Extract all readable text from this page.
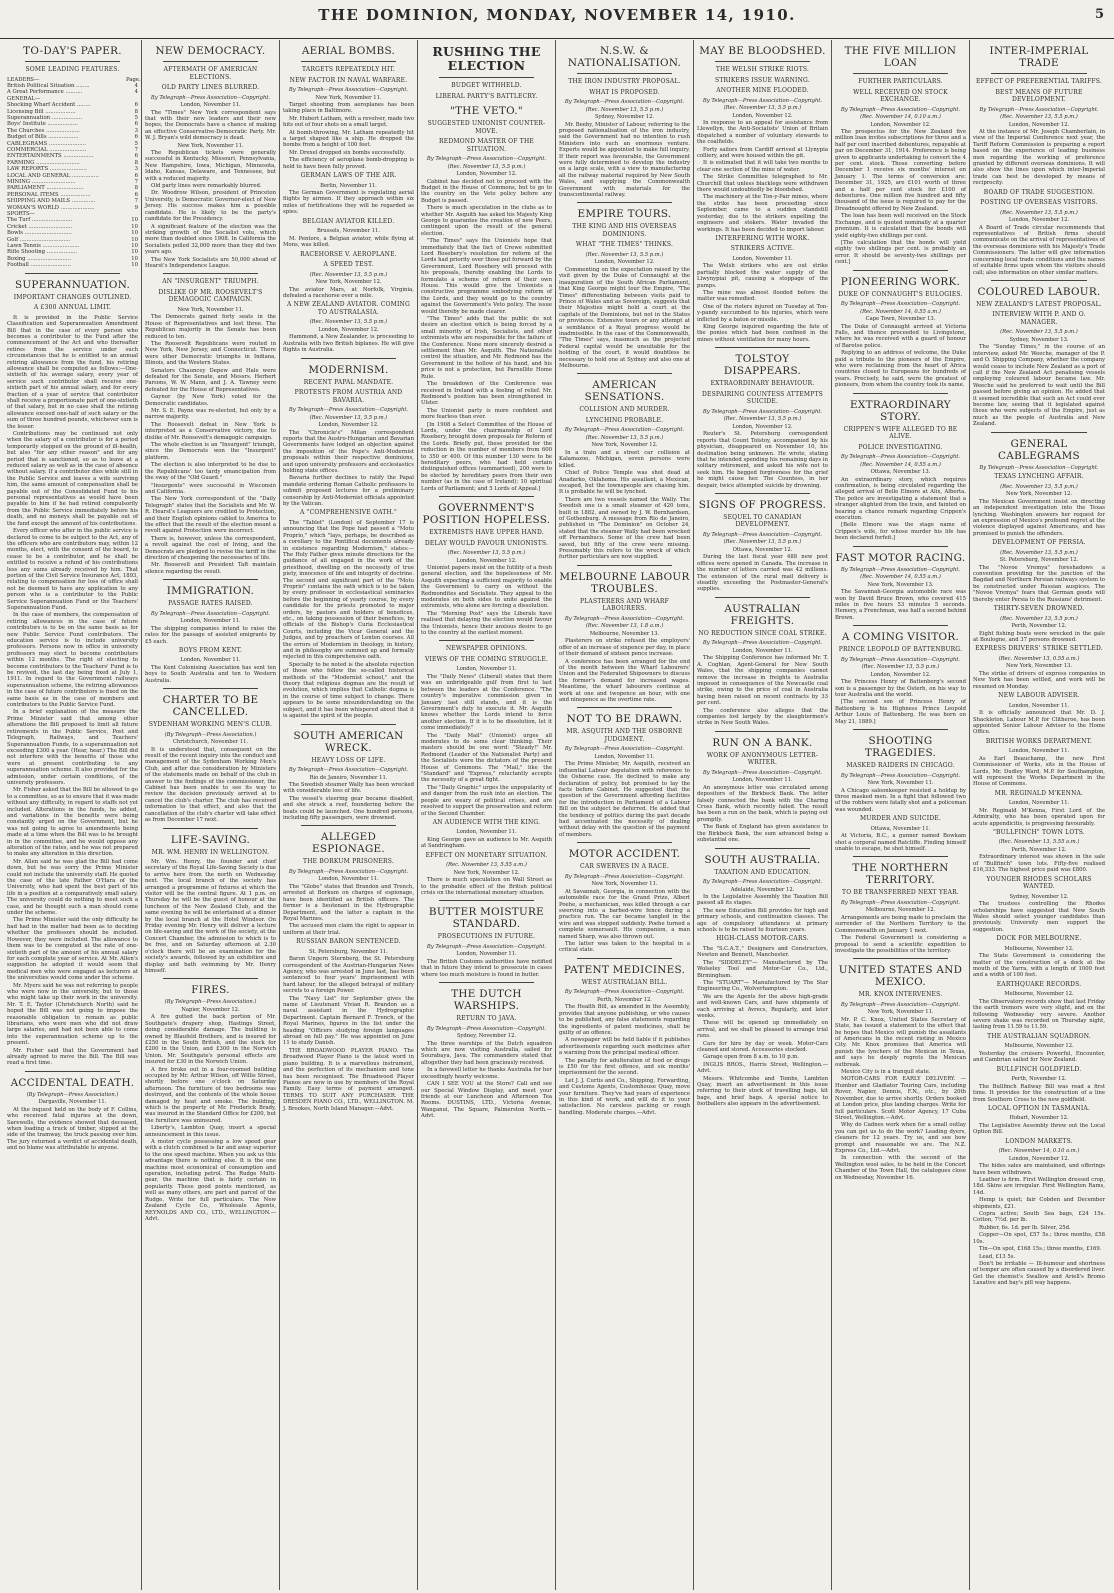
THE DOMINION, MONDAY, NOVEMBER 14, 1910.	5
TO-DAY'S PAPER.
SOME LEADING FEATURES.
LEADERS—	Page.
British Political Situation ........	4
A Great Performance ..........	4
GENERAL—
Shocking Wharf Accident ........	6
Licensing Bill ..................	8
Superannuation ..................	5
Boys' Institute ..................	6
The Churches ....................	3
Budget of Bills ..................	6
CABLEGRAMS ......................	5
COMMERCIAL ......................	7
ENTERTAINMENTS ..................	6
FARMING ..........................	8
LAW REPORTS ......................	3
LOCAL AND GENERAL ................	6
MINING ..........................	7
PARLIAMENT ......................	8
PERSONAL ITEMS ..................	6
SHIPPING AND MAILS ..............	7
WOMAN'S WORLD ....................	9
SPORTS—
The Turf ........................	10
Cricket ..........................	10
Bowls ............................	10
Golf ..............................	10
Lawn Tennis ......................	10
Rifle Shooting ..................	10
Boxing ..........................	10
Football ........................	10
SUPERANNUATION.
IMPORTANT CHANGES OUTLINED.
A £300 ANNUAL LIMIT.
It is provided in the Public Service Classification and Superannuation Amendment Bill that in the case of every person who becomes a contributor to the Fund after the commencement of the Act and who thereafter retires from the service under such circumstances that he is entitled to an annual retiring allowance from the fund, his retiring allowance shall be computed as follows:—One-sixtieth of his average salary, every year of service such contributor shall receive one-sixtieth part of his annual salary, and for every fraction of a year of service that contributor shall receive a proportionate part of one-sixtieth of that salary, but in no case shall the retiring allowance exceed one-half of such salary or the sum of three hundred pounds, whichever sum is the lesser.
Contributions may be continued not only when the salary of a contributor is for a period temporarily stopped on the ground of ill-health, but also "for any other reason" and for any period that is sanctioned, so as to leave at a reduced salary as well as in the case of absence without salary. If a contributor dies while still in the Public Service and leaves a wife surviving him, the same amount of compensation shall be payable out of the Consolidated Fund to his personal representatives as would have been payable to him if he had retired compulsorily from the Public Service immediately before his death, and no moneys shall be payable out of the fund except the amount of his contributions.
Every officer who after in the public service is declared to come to be subject to the Act, any of the officers who are contributors may, within 12 months, elect, with the consent of the board, to cease to be a contributor, and he shall be entitled to receive a refund of his contributions less any sums already received by him. That portion of the Civil Service Insurance Act, 1893, relating to compensation for loss of office shall not be deemed to have any application to any person who is a contributor to the Public Service Superannuation Fund or the Teachers' Superannuation Fund.
In the case of members, the compensation of retiring allowances in the case of future contributors is to be on the same basis as for new Public Service Fund contributors. The education service is to include university professors. Persons now in office in university professors may elect to become contributors within 12 months. The right of electing to become contributors to the Teachers' Fund is to be revived, the last day being fixed at July 1, 1911. In regard to the Government railways superannuation scheme, the retiring allowances in the case of future contributors is fixed on the same basis as in the case of members and contributors to the Public Service Fund.
In a brief explanation of the measure the Prime Minister said that among other alterations the Bill proposed to limit all future retirements in the Public Service, Post and Telegraph, Railways, and Teachers' Superannuation Funds, to a superannuation not exceeding £300 a year. (Hear, hear.) The Bill did not interfere with the benefits of those who were at present contributing to any superannuation scheme. It also provided for the admission, under certain conditions, of the university professors.
Mr. Fisher asked that the Bill be allowed to go to a committee, so as to ensure that it was made without any difficulty, in regard to staffs not yet included. Alterations in the funds, he added, and variations in the benefits were being constantly urged on the Government, but he was not going to agree to amendments being made at a time when the Bill was to be brought in in the committee, and he would oppose any alteration of the rates, and he was not prepared to make any alteration in this direction.
Mr. Allen said he was glad the Bill had come down, but he was sorry the Prime Minister could not include the university staff. He quoted the case of the late Father O'Hara of the University, who had spent the best part of his life in a position at a comparatively small salary. The university could do nothing to meet such a case, and he thought such a man should come under the scheme.
The Prime Minister said the only difficulty he had had in the matter had been as to deciding whether the professors should be included. However, they were included. The allowance to them was to be computed at the rate of one-sixtieth part of the amount of his annual salary for each complete year of service. At Mr. Allen's suggestion he adopted it would seem that medical men who were engaged as lecturers at the universities would come under the scheme.
Mr. Myers said he was not referring to people who were now in the university, but to those who might take up their work in the university. Mr. T. E. Taylor (Christchurch North) said he hoped the Bill was not going to impose the reasonable obligation to remain as public librarians, who were men who did not draw large salaries, and had not been able to come into the superannuation scheme up to the present.
Mr. Fisher said that the Government had already agreed to move the Bill. The Bill was read a first time.
ACCIDENTAL DEATH.
(By Telegraph—Press Association.)
Dargaville, November 11.
At the inquest held on the body of F. Collins, who received fatal injuries at the down, Sarewells, the evidence showed that deceased, when loading a truck of timber, slipped at the side of the tramway, the truck passing over him. The jury returned a verdict of accidental death, and no blame was attributable to anyone.
NEW DEMOCRACY.
AFTERMATH OF AMERICAN ELECTIONS.
OLD PARTY LINES BLURRED.
By Telegraph—Press Association—Copyright.
London, November 11.
The "Times" New York correspondent says that with their new leaders and their new hopes, the Democrats have a chance of making an effective Conservative-Democratic Party. Mr. W. J. Bryan's wild democracy is dead.
New York, November 11.
The Republican tickets were generally successful in Kentucky, Missouri, Pennsylvania, New Hampshire, Iowa, Michigan, Minnesota, Idaho, Kansas, Delaware, and Tennessee, but with a reduced majority.
Old party lines were remarkably blurred.
Dr. Woodrow Wilson, president of Princeton University, is Democratic Governor-elect of New Jersey. His success makes him a possible candidate. He is likely to be the party's candidate for the Presidency.
A significant feature of the election was the striking growth of the Socialist vote, which more than doubled since 1908. In California the Socialists polled 32,000 more than they did two years ago.
The New York Socialists are 50,000 ahead of Hearst's Independence League.
AN "INSURGENT" TRIUMPH.
DISLIKE OF MR. ROOSEVELT'S DEMAGOGIC CAMPAIGN.
New York, November 11.
The Democrats gained forty seats in the House of Representatives and lost three. The Republican majority in the Senate has been reduced to ten.
The Roosevelt Republicans were routed in New York, New Jersey, and Connecticut. There were other Democratic triumphs in Indiana, Illinois, and the Western States.
Senators Chauncey Depew and Hale were defeated for the Senate, and Messrs. Herbert Parsons, W. W. Mann, and J. A. Tawney were defeated for the House of Representatives.
Gaynor (by New York) voted for the Democratic candidates.
Mr. S. E. Payne was re-elected, but only by a narrow majority.
The Roosevelt defeat in New York is interpreted as a Conservative victory, due to dislike of Mr. Roosevelt's demagogic campaign.
The whole election is an "Insurgent" triumph, since the Democrats won the "Insurgent" platform.
The election is also interpreted to be due to the Republicans' too tardy emancipation from the sway of the "Old Guard."
"Insurgents" were successful in Wisconsin and California.
The New York correspondent of the "Daily Telegraph" states that the Socialists and Mr. W. R. Hearst's Leaguers are credited to Protection, and their English opinions cabled to America to the effect that the result of the election meant a revolt against Protection were incorrect.
There is, however, unless the correspondent, a revolt against the cost of living, and the Democrats are pledged to revise the tariff in the direction of cheapening the necessaries of life.
Mr. Roosevelt and President Taft maintain silence regarding the result.
IMMIGRATION.
PASSAGE RATES RAISED.
By Telegraph—Press Association—Copyright.
London, November 11.
The shipping companies intend to raise the rates for the passage of assisted emigrants by £5 each.
BOYS FROM KENT.
London, November 11.
The Kent Colonising Association has sent ten boys to South Australia and ten to Western Australia.
CHARTER TO BE CANCELLED.
SYDENHAM WORKING MEN'S CLUB.
(By Telegraph—Press Association.)
Christchurch, November 11.
It is understood that, consequent on the result of the recent inquiry into the conduct and management of the Sydenham Working Men's Club, and after due consideration by Ministers of the statements made on behalf of the club in answer to the findings of the commissioner, the Cabinet has been unable to see its way to review the decision previously arrived at to cancel the club's charter. The club has received information to that effect, and also that the cancellation of the club's charter will take effect as from December 17 next.
LIFE-SAVING.
MR. WM. HENRY IN WELLINGTON.
Mr. Wm. Henry, the founder and chief secretary of the Royal Life-Saving Society is due to arrive here from the north on Wednesday next. The local branch of the society has arranged a programme of fixtures at which the visitor will be the central figure. At 1 p.m. on Thursday he will be the guest of honour at the luncheon of the New Zealand Club, and the same evening he will be entertained at a dinner by the local branch at the Hotel Windsor. On Friday evening Mr. Henry will deliver a lecture on life-saving and the work of the society, at the Concert Chamber, the admission to which is to be free, and on Saturday afternoon at 2.30 o'clock there will be an examination for the society's awards, followed by an exhibition and display and bath swimming by Mr. Henry himself.
FIRES.
(By Telegraph—Press Association.)
Napier, November 12.
A fire gutted the back portion of Mr. Southgate's drapery shop, Hastings Street, doing considerable damage. The building is owned by Blaufeld Brothers, and is insured for £250 in the South British, and the stock for £200 in the Union, and £300 in the Norwich Union. Mr. Southgate's personal effects are insured for £30 in the Norwich Union.
A fire broke out in a four-roomed building occupied by Mr. Arthur Wilson, off Willis Street, shortly before one o'clock on Saturday afternoon. The furniture of two bedrooms was destroyed, and the contents of the whole house damaged by heat and smoke. The building, which is the property of Mr. Frederick Brady, was insured in the Standard Office for £200, but the furniture was uninsured.
Liberty's, Lambton Quay, insert a special announcement in this issue.
A motor cycle possessing a low speed gear with a clutch combined is far and away superior to the one speed machine. When you ask us this advantage there is nothing else. It is the one machine most economical of consumption and operation, including petrol. The Rudge Multi-gear, the machine that is fairly certain in popularity. These good points mentioned, as well as many others, are part and parcel of the Rudge. Write for full particulars. The New Zealand Cycle Co., Wholesale Agents, REYNOLDS AND CO., LTD., WELLINGTON.—Advt.
AERIAL BOMBS.
TARGETS REPEATEDLY HIT.
NEW FACTOR IN NAVAL WARFARE.
By Telegraph—Press Association—Copyright.
New York, November 11.
Target shooting from aeroplanes has been taking place in Baltimore.
Mr. Hubert Latham, with a revolver, made two hits out of four shots on a small target.
At bomb-throwing, Mr. Latham repeatedly hit a target shaped like a ship. He dropped the bombs from a height of 100 feet.
Mr. Drexel dropped six bombs successfully.
The efficiency of aeroplane bomb-dropping is held to have been fully proved.
GERMAN LAWS OF THE AIR.
Berlin, November 11.
The German Government is regulating aerial flights by airmen. If they approach within six miles of fortifications they will be regarded as spies.
BELGIAN AVIATOR KILLED.
Brussels, November 11.
M. Pentore, a Belgian aviator, while flying at Mons, was killed.
RACEHORSE V. AEROPLANE.
A SPEED TEST.
(Rec. November 13, 5.5 p.m.)
New York, November 12.
The aviator Mars, at Norfolk, Virginia, defeated a racehorse over a mile.
A NEW ZEALAND AVIATOR. COMING TO AUSTRALASIA.
(Rec. November 13, 5.5 p.m.)
London, November 12.
Hammond, a New Zealander, is proceeding to Australia with two British biplanes. He will give flights in Australia.
MODERNISM.
RECENT PAPAL MANDATE.
PROTESTS FROM AUSTRIA AND BAVARIA.
By Telegraph—Press Association—Copyright.
(Rec. November 13, 5.5 p.m.)
London, November 12.
The "Chronicle's" Milan correspondent reports that the Austro-Hungarian and Bavarian Governments have lodged an objection against the imposition of the Pope's Anti-Modernist proposals within their respective dominions, and upon university professors and ecclesiastics holding state offices.
Bavaria further declines to ratify the Papal mandate ordering Roman Catholic professors to submit proposed lectures for a preliminary censorship by Anti-Modernist officials appointed by the Vatican.
A "COMPREHENSIVE OATH."
The "Tablet" (London) of September 17 is announcing that the Pope had passed a "Motu Proprio," which "lays, perhaps, be described as a corollary to the Pontifical documents already in existence regarding Modernism," states:—The Holy Father gives minute directions for the guidance of all engaged in the work of the priesthood, dwelling on the necessity of true piety, innocence of life and integrity of doctrine. The second and significant part of the "Motu Proprio" contains the oath which is to be taken by every professor in ecclesiastical seminaries before the beginning of yearly course, by every candidate for the priests promoted to major orders, by pastors and holders of benefices, etc., on taking possession of their benefices, by officials of the Bishop's Curia Ecclesiastical Courts, including the Vicar General and the Judges, and by preachers of Lenten courses. All the errors of Modernism in theology, in history, and in philosophy are summed up and formally rejected in this comprehensive oath.
Specially to be noted is the absolute rejection of those who follow the so-called historical methods of the "Modernist school," and the theory that religious dogmas are the result of evolution, which implies that Catholic dogma is in the course of time subject to change. There appears to be some misunderstanding on the subject, and it has been whispered about that it is against the spirit of the people.
SOUTH AMERICAN WRECK.
HEAVY LOSS OF LIFE.
By Telegraph—Press Association—Copyright.
Rio de Janeiro, November 11.
The Swedish steamer Wally has been wrecked with considerable loss of life.
The vessel's steering gear became disabled, and she struck a reef, foundering before the boats could be launched. One hundred persons, including fifty passengers, were drowned.
ALLEGED ESPIONAGE.
THE BORKUM PRISONERS.
By Telegraph—Press Association—Copyright.
London, November 11.
The "Globe" states that Brandon and Trench, arrested at Borkum on charges of espionage, have been identified as British officers. The former is a lieutenant in the Hydrographic Department, and the latter a captain in the Royal Marines.
The accused men claim the right to appear in uniform at their trial.
RUSSIAN BARON SENTENCED.
St. Petersburg, November 11.
Baron Ungern Sternberg, the St. Petersburg correspondent of the Austrian-Hungarian News Agency, who was arrested in June last, has been sentenced to four years' imprisonment with hard labour, for the alleged betrayal of military secrets to a foreign Power.
The "Navy List" for September gives the name of Lieutenant Vivian R. Brandon as a naval assistant in the Hydrographic Department. Captain Bernard F. Trench, of the Royal Marines, figures in the list under the heading "Officers studying foreign languages abroad on full pay." He was appointed on June 11 to study Danish.
THE BROADWOOD PLAYER PIANO. The Broadwood Player Piano is the latest word in piano building. It is a marvellous instrument, and the perfection of its mechanism and tone has been recognised. The Broadwood Player Pianos are now in use by members of the Royal Family. Easy terms of payment arranged. TERMS TO SUIT ANY PURCHASER. THE DRESDEN PIANO CO., LTD., WELLINGTON. M. J. Brookes, North Island Manager.—Advt.
RUSHING THE ELECTION
BUDGET WITHHELD.
LIBERAL PARTY'S BATTLECRY.
"THE VETO."
SUGGESTED UNIONIST COUNTER-MOVE.
REDMOND MASTER OF THE SITUATION.
By Telegraph—Press Association—Copyright.
(Rec. November 13, 5.5 p.m.)
London, November 12.
Cabinet has decided not to proceed with the Budget in the House of Commons, but to go to the country on the Veto policy before any Budget is passed.
There is much speculation in the clubs as to whether Mr. Asquith has asked his Majesty King George to guarantee the creation of new Peers, contingent upon the result of the general election.
"The Times" says the Unionists hope that immediately that the fact of Crewe submitted Lord Rosebery's resolution for reform of the Lords had priority over those put forward by the Government, Lord Rosebery will proceed with his proposals, thereby enabling the Lords to formulate a scheme of reform of their own House. This would give the Unionists a constructive programme embodying reform of the Lords, and they would go to the country against the Government's Veto policy. The issue would thereby be made clearer.
"The Times" adds that the public do not desire an election which is being forced by a small minority of Irish, Socialists, and other extremists who are responsible for the failure of the Conference. None more sincerely desired a settlement than Mr. Asquith. The Nationalists control the situation, and Mr. Redmond has the Government in the hollow of his hand, and his price is not a protection, but Parnellite Home Rule.
The breakdown of the Conference was received in Ireland with a feeling of relief. Mr. Redmond's position has been strengthened in Ulster.
The Unionist party is more confident and more fearless than ever.
[In 1908 a Select Committee of the House of Lords, under the chairmanship of Lord Rosebery, brought down proposals for Reform of the Lords. Briefly put, these provided for the reduction in the number of members from 600 to 350 or 400. Of this number 130 were to be hereditary peers, who had held certain distinguished offices (summarised), 200 were to be elected by hereditary peers from their own number (as in the case of Ireland); 10 spiritual Lords of Parliament; and 5 Lords of Appeal.]
GOVERNMENT'S POSITION HOPELESS.
EXTREMISTS HAVE UPPER HAND.
DELAY WOULD FAVOUR UNIONISTS.
(Rec. November 13, 5.5 p.m.)
London, November 12.
Unionist papers insist on the futility of a fresh general election, and the hopelessness of Mr. Asquith expecting a sufficient majority to enable the Government to carry on without the Redmondites and Socialists. They appeal to the moderates on both sides to unite against the extremists, who alone are forcing a dissolution.
The "Morning Post" says the Liberals have realised that delaying the election would favour the Unionists, hence their anxious desire to go to the country at the earliest moment.
NEWSPAPER OPINIONS.
VIEWS OF THE COMING STRUGGLE.
London, November 11.
The "Daily News" (Liberal) states that there was an unbridgeable gulf from first to last between the leaders at the Conference. "The country's imperative commission given in January last still stands, and it is the Government's duty to execute it. Mr. Asquith knows whether the Lords intend to force another election. If it is to be dissolution, let it come immediately."
The "Daily Mail" (Unionist) urges all moderates to do some clear thinking. Their masters should be one word: "Steady!" Mr. Redmond (Leader of the Nationalist Party) and the Socialists were the dictators of the present House of Commons. The "Mail," like the "Standard" and "Express," reluctantly accepts the necessity of a great fight.
The "Daily Graphic" urges the unpopularity of and danger from the rush into an election. The people are weary of political crises, and are resolved to support the preservation and reform of the Second Chamber.
AN AUDIENCE WITH THE KING.
London, November 11.
King George gave an audience to Mr. Asquith at Sandringham.
EFFECT ON MONETARY SITUATION.
(Rec. November 13, 5.55 a.m.)
New York, November 12.
There is much speculation on Wall Street as to the probable effect of the British political crisis on the international monetary situation.
BUTTER MOISTURE STANDARD.
PROSECUTIONS IN FUTURE.
By Telegraph—Press Association—Copyright.
London, November 11.
The British Customs authorities have notified that in future they intend to prosecute in cases where too much moisture is found in butter.
THE DUTCH WARSHIPS.
RETURN TO JAVA.
By Telegraph—Press Association—Copyright.
Sydney, November 12.
The three warships of the Dutch squadron which are now visiting Australia, sailed for Sourabaya, Java. The commanders stated that altogether they had been graciously received.
In a farewell letter he thanks Australia for her exceedingly hearty welcome.
CAN I SEE YOU at the Store? Call and see our Special Window Display, and meet your friends at our Luncheon and Afternoon Tea Rooms. DUSTINS, LTD., Victoria Avenue, Wanganui, The Square, Palmerston North.—Advt.
N.S.W. & NATIONALISATION.
THE IRON INDUSTRY PROPOSAL.
WHAT IS PROPOSED.
By Telegraph—Press Association—Copyright.
(Rec. November 13, 5.5 p.m.)
Sydney, November 12.
Mr. Beeby, Minister of Labour, referring to the proposed nationalisation of the iron industry, said the Government had no intention to rush Ministers into such an enormous venture. Experts would be appointed to make full inquiry. If their report was favourable, the Government were fully determined to develop the industry on a large scale, with a view to manufacturing all the railway material required by New South Wales, and supplying the Commonwealth Government with materials for the transcontinental railway.
EMPIRE TOURS.
THE KING AND HIS OVERSEAS DOMINIONS.
WHAT "THE TIMES" THINKS.
(Rec. November 13, 5.5 p.m.)
London, November 12.
Commenting on the expectation raised by the visit given by the Duke of Connaught at the inauguration of the South African Parliament, that King George might tour the Empire, "The Times" differentiating between visits paid to Prince of Wales and as Sovereign, suggests that their Majesties might hold a court at the capitals of the Dominions, but not in the States or provinces. Extensive tours or any attempt at a semblance of a Royal progress would be inadmissible. In the case of the Commonwealth, "The Times" says, inasmuch as the projected Federal capital would be unsuitable for the holding of the court, it would doubtless be necessary to hold one at Sydney and also one at Melbourne.
AMERICAN SENSATIONS.
COLLISION AND MURDER.
LYNCHING PROBABLE.
By Telegraph—Press Association—Copyright.
(Rec. November 13, 5.5 p.m.)
New York, November 12.
In a train and a street car collision at Kalamazoo, Michigan, seven persons were killed.
Chief of Police Temple was shot dead at Anadarko, Oklahoma. His assailant, a Mexican, escaped, but the townspeople are chasing him. It is probable he will be lynched.
There are two vessels named the Wally. The Swedish one is a small steamer of 420 tons, built in 1882, and owned by J. W. Bernhardsen, of Gothenburg. A message from Rio de Janeiro, published in "The Dominion" on October 24, stated that the steamer Wally had been wrecked off Pernambuco. Some of the crew had been saved, but fifty of the crew were missing. Presumably this refers to the wreck of which further particulars are now supplied.
MELBOURNE LABOUR TROUBLES.
PLASTERERS AND WHARF LABOURERS.
By Telegraph—Press Association—Copyright.
(Rec. November 13, 1.8 a.m.)
Melbourne, November 13.
Plasterers on strike refused the employers' offer of an increase of sixpence per day, in place of their demand of sixteen pence increase.
A conference has been arranged for the end of the month between the Wharf Labourers' Union and the Federated Shipowners to discuss the former's demand for increased wages. Meantime, the wharf labourers continue at work at one and twopence an hour, with one and ninepence as the overtime rate.
NOT TO BE DRAWN.
MR. ASQUITH AND THE OSBORNE JUDGMENT.
By Telegraph—Press Association—Copyright.
London, November 11.
The Prime Minister, Mr. Asquith, received an influential Labour deputation with reference to the Osborne case. He declined to make any declaration of policy, but promised to lay the facts before Cabinet. He suggested that the question of the Government affording facilities for the introduction in Parliament of a Labour Bill on the subject be deferred. He added that the tendency of politics during the past decade had accentuated the necessity of dealing without delay with the question of the payment of members.
MOTOR ACCIDENT.
CAR SWERVES IN A RACE.
By Telegraph—Press Association—Copyright.
New York, November 11.
At Savannah, Georgia, in connection with the automobile race for the Grand Prize, Albert Poehe, a mechanician, was killed through a car swerving into a barbed-wire fence during a practice run. The car became tangled in the wire and was stopped suddenly. Poehe turned a complete somersault. His companion, a man named Sharp, was also thrown out.
The latter was taken to the hospital in a critical state.
PATENT MEDICINES.
WEST AUSTRALIAN BILL.
By Telegraph—Press Association—Copyright.
Perth, November 12.
The Health Bill, as amended in the Assembly, provides that anyone publishing, or who causes to be published, any false statements regarding the ingredients of patent medicines, shall be guilty of an offence.
A newspaper will be held liable if it publishes advertisements regarding such medicines after a warning from the principal medical officer.
The penalty for adulteration of food or drugs is £50 for the first offence, and six months' imprisonment for the second.
Let J. J. Curtis and Co., Shipping, Forwarding, and Customs Agents, Customhouse Quay, move your furniture. They've had years of experience in this kind of work, and will do it to your satisfaction. No careless packing or rough handling. Moderate charges.—Advt.
MAY BE BLOODSHED.
THE WELSH STRIKE RIOTS.
STRIKERS ISSUE WARNING.
ANOTHER MINE FLOODED.
By Telegraph—Press Association—Copyright.
(Rec. November 13, 5.5 p.m.)
London, November 12.
In response to an appeal for assistance from Llewellyn, the Anti-Socialists' Union of Britain dispatched a number of voluntary stewards to the coalfields.
Forty sailors from Cardiff arrived at Llynypia colliery, and were housed within the pit.
It is estimated that it will take two months to clear one section of the mine of water.
The Strike Committee telegraphed to Mr. Churchill that unless blacklegs were withdrawn there would undoubtedly be bloodshed.
The machinery at the Ton-y-Pair mines, where the strike has been proceeding since September, came to a sudden standstill yesterday, due to the strikers expelling the engineers and stokers. Water invaded the workings. It has been decided to import labour.
INTERFERING WITH WORK.
STRIKERS ACTIVE.
London, November 11.
The Welsh strikers who are out strike partially blocked the water supply of the Llwynypiai pit, causing a stoppage of the pumps.
The mine was almost flooded before the matter was remedied.
One of the rioters injured on Tuesday at Ton-y-pandy succumbed to his injuries, which were inflicted by a baton or missile.
King George inquired regarding the fate of the ponies which had been confined in the mines without ventilation for many hours.
TOLSTOY DISAPPEARS.
EXTRAORDINARY BEHAVIOUR.
DESPAIRING COUNTESS ATTEMPTS SUICIDE.
By Telegraph—Press Association—Copyright.
(Rec. November 13, 5.5 p.m.)
London, November 12.
Reuter's St. Petersburg correspondent reports that Count Tolstoy, accompanied by his physician, disappeared on November 10, his destination being unknown. He wrote, stating that he intended spending his remaining days in solitary retirement, and asked his wife not to seek him. He begged forgiveness for the grief he might cause her. The Countess, in her despair, twice attempted suicide by drowning.
SIGNS OF PROGRESS.
SEQUEL TO CANADIAN DEVELOPMENT.
By Telegraph—Press Association—Copyright.
(Rec. November 13, 5.5 p.m.)
Ottawa, November 12.
During the last fiscal year 488 new post offices were opened in Canada. The increase in the number of letters carried was 42 millions. The extension of the rural mail delivery is steadily exceeding the Postmaster-General's supplies.
AUSTRALIAN FREIGHTS.
NO REDUCTION SINCE COAL STRIKE.
By Telegraph—Press Association—Copyright.
London, November 11.
The Shipping Conference has informed Mr. T. A. Coghlan, Agent-General for New South Wales, that the shipping companies cannot remove the increase in freights to Australia imposed in consequence of the Newcastle coal strike, owing to the price of coal in Australia having been raised on recent contracts by 33 per cent.
The conference also alleges that the companies lost largely by the slaughtermen's strike in New South Wales.
RUN ON A BANK.
WORK OF ANONYMOUS LETTER-WRITER.
By Telegraph—Press Association—Copyright.
London, November 11.
An anonymous letter was circulated among depositors of the Birkbeck Bank. The letter falsely connected the bank with the Charing Cross Bank, which recently failed. The result has been a run on the bank, which is paying out promptly.
The Bank of England has given assistance to the Birkbeck Bank, the sum advanced being a substantial one.
SOUTH AUSTRALIA.
TAXATION AND EDUCATION.
By Telegraph—Press Association—Copyright.
Adelaide, November 12.
In the Legislative Assembly the Taxation Bill passed all its stages.
The new Education Bill provides for high and primary schools, and continuation classes. The age of compulsory attendance at primary schools is to be raised to fourteen years.
HIGH-CLASS MOTOR-CARS.
The "S.C.A.T.," Designers and Constructors, Newton and Bennett, Manchester.
The "SIDDELEY"— Manufactured by The Wolseley Tool and Motor-Car Co., Ltd., Birmingham.
The "STUART"— Manufactured by The Star Engineering Co., Wolverhampton.
We are the Agents for the above high-grade and well-known Cars, and have shipments of each arriving at Avrecs, Regularly, and later weeks.
These will be opened up immediately on arrival, and we shall be pleased to arrange trial runs.
Cars for hire by day or week. Motor-Cars cleaned and stored. Accessories stocked.
Garage open from 8 a.m. to 10 p.m.
INGLIS BROS., Harris Street, Wellington.—Advt.
Messrs. Whitcombe and Tombs, Lambton Quay, insert an advertisement in this issue referring to their stock of travelling bags, kit bags, and brief bags. A special notice to footballers also appears in the advertisement.
THE FIVE MILLION LOAN
FURTHER PARTICULARS.
WELL RECEIVED ON STOCK EXCHANGE.
By Telegraph—Press Association—Copyright.
(Rec. November 14, 0.10 a.m.)
London, November 12.
The prospectus for the New Zealand five million loan invites subscriptions for three and a half per cent inscribed debentures, repayable at par on December 31, 1914. Preference is being given to applicants undertaking to convert the 4 per cent. stock. Those converting before December 1 receive six months' interest on January 1. The terms of conversion are: December 31, 1925, are £101 worth of three and a half per cent stock for £100 of debentures. One million five hundred and fifty thousand of the issue is required to pay for the Dreadnought offered by New Zealand.
The loan has been well received on the Stock Exchange, and is quoted nominally at a quarter premium. It is calculated that the bonds will yield eighty-two shillings per cent.
[The calculation that the bonds will yield eighty two shillings per cent. is probably an error. It should be seventy-two shillings per cent.]
PIONEERING WORK.
DUKE OF CONNAUGHT'S EULOGIES.
By Telegraph—Press Association—Copyright.
(Rec. November 14, 0.55 a.m.)
Cape Town, November 13.
The Duke of Connaught arrived at Victoria Falls, and thence proceeded to Livingstone, where he was received with a guard of honour of Barotse police.
Replying to an address of welcome, the Duke paid a tribute to the pioneers of the Empire, who were reclaiming from the heart of Africa countries closed to Europeans for hundreds of years. Precisely, he said, were the greatest of pioneers, from whom the country took its name.
EXTRAORDINARY STORY.
CRIPPEN'S WIFE ALLEGED TO BE ALIVE.
POLICE INVESTIGATING.
By Telegraph—Press Association—Copyright.
(Rec. November 14, 0.55 a.m.)
Ottawa, November 13.
An extraordinary story, which requires confirmation, is being circulated regarding the alleged arrival of Belle Elmore at Alix, Alberta. The police are investigating a statement that a stranger alighted from the train, and fainted on hearing a chance remark regarding Crippen's execution.
[Belle Elmore was the stage name of Crippen's wife, for whose murder his life has been declared forfeit.]
FAST MOTOR RACING.
By Telegraph—Press Association—Copyright.
(Rec. November 14, 0.55 a.m.)
New York, November 13.
The Savannah-Georgia automobile race was won by David Bruce Brown, who covered 415 miles in five hours 53 minutes 5 seconds. Hemery, a Frenchman, was half a second behind Brown.
A COMING VISITOR.
PRINCE LEOPOLD OF BATTENBURG.
By Telegraph—Press Association—Copyright.
(Rec. November 13, 5.5 p.m.)
London, November 12.
The Princess Henry of Battenberg's second son is a passenger by the Osterh, on his way to tour Australia and the world.
[The second son of Princess Henry of Battenberg is his Highness Prince Leopold Arthur Louis of Battenberg. He was born on May 21, 1889.]
SHOOTING TRAGEDIES.
MASKED RAIDERS IN CHICAGO.
By Telegraph—Press Association—Copyright.
New York, November 11.
A Chicago saloonkeeper resisted a holdup by three masked men. In a fight that followed two of the robbers were fatally shot and a policeman was wounded.
MURDER AND SUICIDE.
Ottawa, November 11.
At Victoria, B.C., a gunner named Bowkam shot a corporal named Ratcliffe. Finding himself unable to escape, he shot himself.
THE NORTHERN TERRITORY.
TO BE TRANSFERRED NEXT YEAR.
By Telegraph—Press Association—Copyright.
Melbourne, November 12.
Arrangements are being made to proclaim the surrender of the Northern Territory to the Commonwealth on January 1 next.
The Federal Government is considering a proposal to send a scientific expedition to investigate the possibilities of the territory.
UNITED STATES AND MEXICO.
MR. KNOX INTERVENES.
By Telegraph—Press Association—Copyright.
New York, November 11.
Mr. P. C. Knox, United States Secretary of State, has issued a statement to the effect that he hopes that Mexico will punish the assailants of Americans in the recent rioting in Mexico City. Mr. Knox promises that America will punish the lynchers of the Mexican in Texas, and says he deeply regrets the Mexican outbreak.
Mexico City is in a tranquil state.
MOTOR-CARS FOR EARLY DELIVERY. — Humber and Gladiator Touring Cars, including Rover, Napier, Dennis, F.N., etc., by 20th November, due to arrive shortly. Orders booked at London price, plus landing charges. Write for full particulars. Scott Motor Agency, 17 Cuba Street, Wellington.—Advt.
Why do Cadnes work when for a small outlay you can get us to do the work? Leading dyers, cleaners for 12 years. Try us, and see how prompt and reasonable we are. The N.Z. Express Co., Ltd.—Advt.
In connection with the second of the Wellington wool sales, to be held in the Concert Chamber of the Town Hall, the catalogues close on Wednesday, November 16.
INTER-IMPERIAL TRADE
EFFECT OF PREFERENTIAL TARIFFS.
BEST MEANS OF FUTURE DEVELOPMENT.
By Telegraph—Press Association—Copyright.
(Rec. November 13, 5.5 p.m.)
London, November 12.
At the instance of Mr. Joseph Chamberlain, in view of the Imperial Conference next year, the Tariff Reform Commission is preparing a report based on the experience of leading business men regarding the working of preference granted by different overseas dominions. It will also show the lines upon which inter-Imperial trade can best be developed by means of reciprocity.
BOARD OF TRADE SUGGESTION.
POSTING UP OVERSEAS VISITORS.
(Rec. November 13, 5.5 p.m.)
London, November 12.
A Board of Trade circular recommends that representatives of British firms should communicate on the arrival of representatives of the overseas dominions with his Majesty's Trade Commissioners. The latter will give information concerning local trade conditions and the names of suitable firms upon whom the visitors should call; also information on other similar matters.
COLOURED LABOUR.
NEW ZEALAND'S LATEST PROPOSAL.
INTERVIEW WITH P. AND O. MANAGER.
(Rec. November 13, 5.5 p.m.)
Sydney, November 13.
The "Sunday Times," in the course of an interview, asked Mr. Weeche, manager of the P. and O. Shipping Company, whether the company would cease to include New Zealand as a port of call if the New Zealand Act penalising vessels employing coloured labour became law. Mr. Weeche said he preferred to wait until the Bill passed before giving an opinion. He added that it seemed incredible that such an Act could ever become law, seeing that it legislated against those who were subjects of the Empire, just as much as the people of Australia and New Zealand.
GENERAL CABLEGRAMS
By Telegraph—Press Association—Copyright.
TEXAS LYNCHING AFFAIR.
(Rec. November 13, 5.5 p.m.)
New York, November 12.
The Mexican Government insist on directing an independent investigation into the Texas lynching. Washington answers her request for an expression of Mexico's profound regret at the violence displayed against Americans, and has promised to punish the offenders.
DEVELOPMENT OF PERSIA.
(Rec. November 13, 5.5 p.m.)
St. Petersburg, November 12.
The "Novoe Vremya" foreshadows a convention providing for the junction of the Bagdad and Northern Persian railways system to be constructed under Russian auspices. The "Novoe Vremya" fears that German goods will thereby enter Persia to the Russians' detriment.
THIRTY-SEVEN DROWNED.
(Rec. November 13, 5.5 p.m.)
Perth, November 12.
Eight fishing boats were wrecked in the gale at Boulogne, and 37 persons drowned.
EXPRESS DRIVERS' STRIKE SETTLED.
(Rec. November 13, 0.55 a.m.)
New York, November 13.
The strike of drivers of express companies in New York has been settled, and work will be resumed on Monday.
NEW LABOUR ADVISER.
London, November 11.
It is officially announced that Mr. D. J. Shackleton, Labour M.P. for Clitheroe, has been appointed Senior Labour Adviser to the Home Office.
BRITISH WORKS DEPARTMENT.
London, November 11.
As Earl Beauchamp, the new First Commissioner of Works, sits in the House of Lords, Mr. Dudley Ward, M.P. for Southampton, will represent the Works Department in the House of Commons.
MR. REGINALD M'KENNA.
London, November 11.
Mr. Reginald M'Kenna, First Lord of the Admiralty, who has been operated upon for acute appendicitis, is progressing favourably.
"BULLFINCH" TOWN LOTS.
(Rec. November 13, 5.55 a.m.)
Perth, November 12.
Extraordinary interest was shown in the sale of "Bullfinch" town lots. Fifty-five realised £16,333. The highest price paid was £800.
YOUNGER RHODES SCHOLARS WANTED.
Sydney, November 12.
The trustees controlling the Rhodes scholarships have suggested that New South Wales should select younger candidates than previously. University men support the suggestion.
DOCK FOR MELBOURNE.
Melbourne, November 12.
The State Government is considering the matter of the construction of a dock at the mouth of the Yarra, with a length of 1000 feet and a width of 100 feet.
EARTHQUAKE RECORDS.
Melbourne, November 12.
The Observatory records show that last Friday the earth tremors were very slight, and on the following Wednesday very severe. Another severe shake was recorded on Thursday night, lasting from 11.59 to 11.59.
THE AUSTRALIAN SQUADRON.
Melbourne, November 12.
Yesterday the cruisers Powerful, Encounter, and Cambrian sailed for New Zealand.
BULLFINCH GOLDFIELD.
Perth, November 12.
The Bullfinch Railway Bill was read a first time. It provides for the construction of a line from Southern Cross to the new goldfield.
LOCAL OPTION IN TASMANIA.
Hobart, November 12.
The Legislative Assembly threw out the Local Option Bill.
LONDON MARKETS.
(Rec. November 14, 0.10 a.m.)
London, November 12.
The hides sales are maintained, and offerings have been withdrawn.
Leather is firm. First Wellington dressed crop, 18d. Skins are irregular. First Wellington Rams, 14d.
Hemp is quiet; fair Cobden and December shipments, £21.
Copra active; South Sea bags, £24 15s. Cotton, 7½d. per lb.
Rubber, 6s. 1d. per lb. Silver, 25d.
Copper—On spot, £57 5s.; three months, £58 10s.
Tin—On spot, £168 15s.; three months, £169.
Lead, £13 5s.
Don't be irritable — Ill-humour and shortness of temper are often caused by a disordered liver. Get the chemist's Swallow and Ariell's Bromo Laxative and bay's pill way happens.
